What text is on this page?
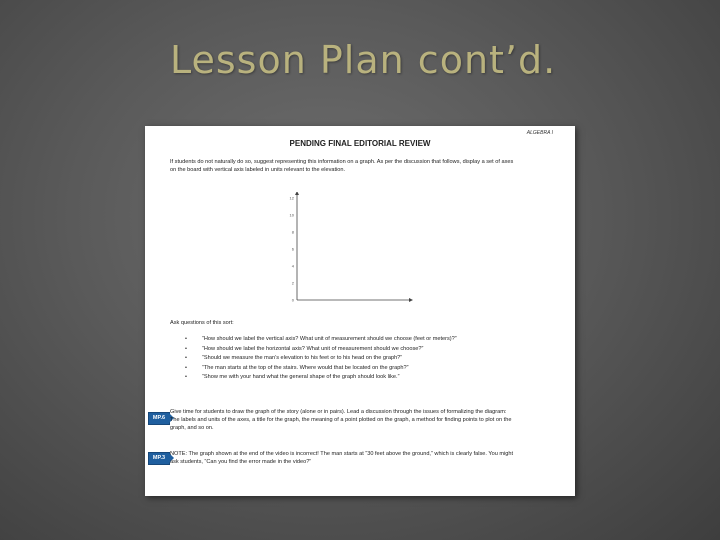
Lesson Plan cont’d.
ALGEBRA I
PENDING FINAL EDITORIAL REVIEW
If students do not naturally do so, suggest representing this information on a graph. As per the discussion that follows, display a set of axes on the board with vertical axis labeled in units relevant to the elevation.
12
10
8
6
4
2
0
Ask questions of this sort:
•	“How should we label the vertical axis? What unit of measurement should we choose (feet or meters)?”
•	“How should we label the horizontal axis? What unit of measurement should we choose?”
•	“Should we measure the man’s elevation to his feet or to his head on the graph?”
•	“The man starts at the top of the stairs. Where would that be located on the graph?”
•	“Show me with your hand what the general shape of the graph should look like.”
MP.6
Give time for students to draw the graph of the story (alone or in pairs). Lead a discussion through the issues of formalizing the diagram: The labels and units of the axes, a title for the graph, the meaning of a point plotted on the graph, a method for finding points to plot on the graph, and so on.
MP.3
NOTE: The graph shown at the end of the video is incorrect! The man starts at “30 feet above the ground,” which is clearly false. You might ask students, “Can you find the error made in the video?”
